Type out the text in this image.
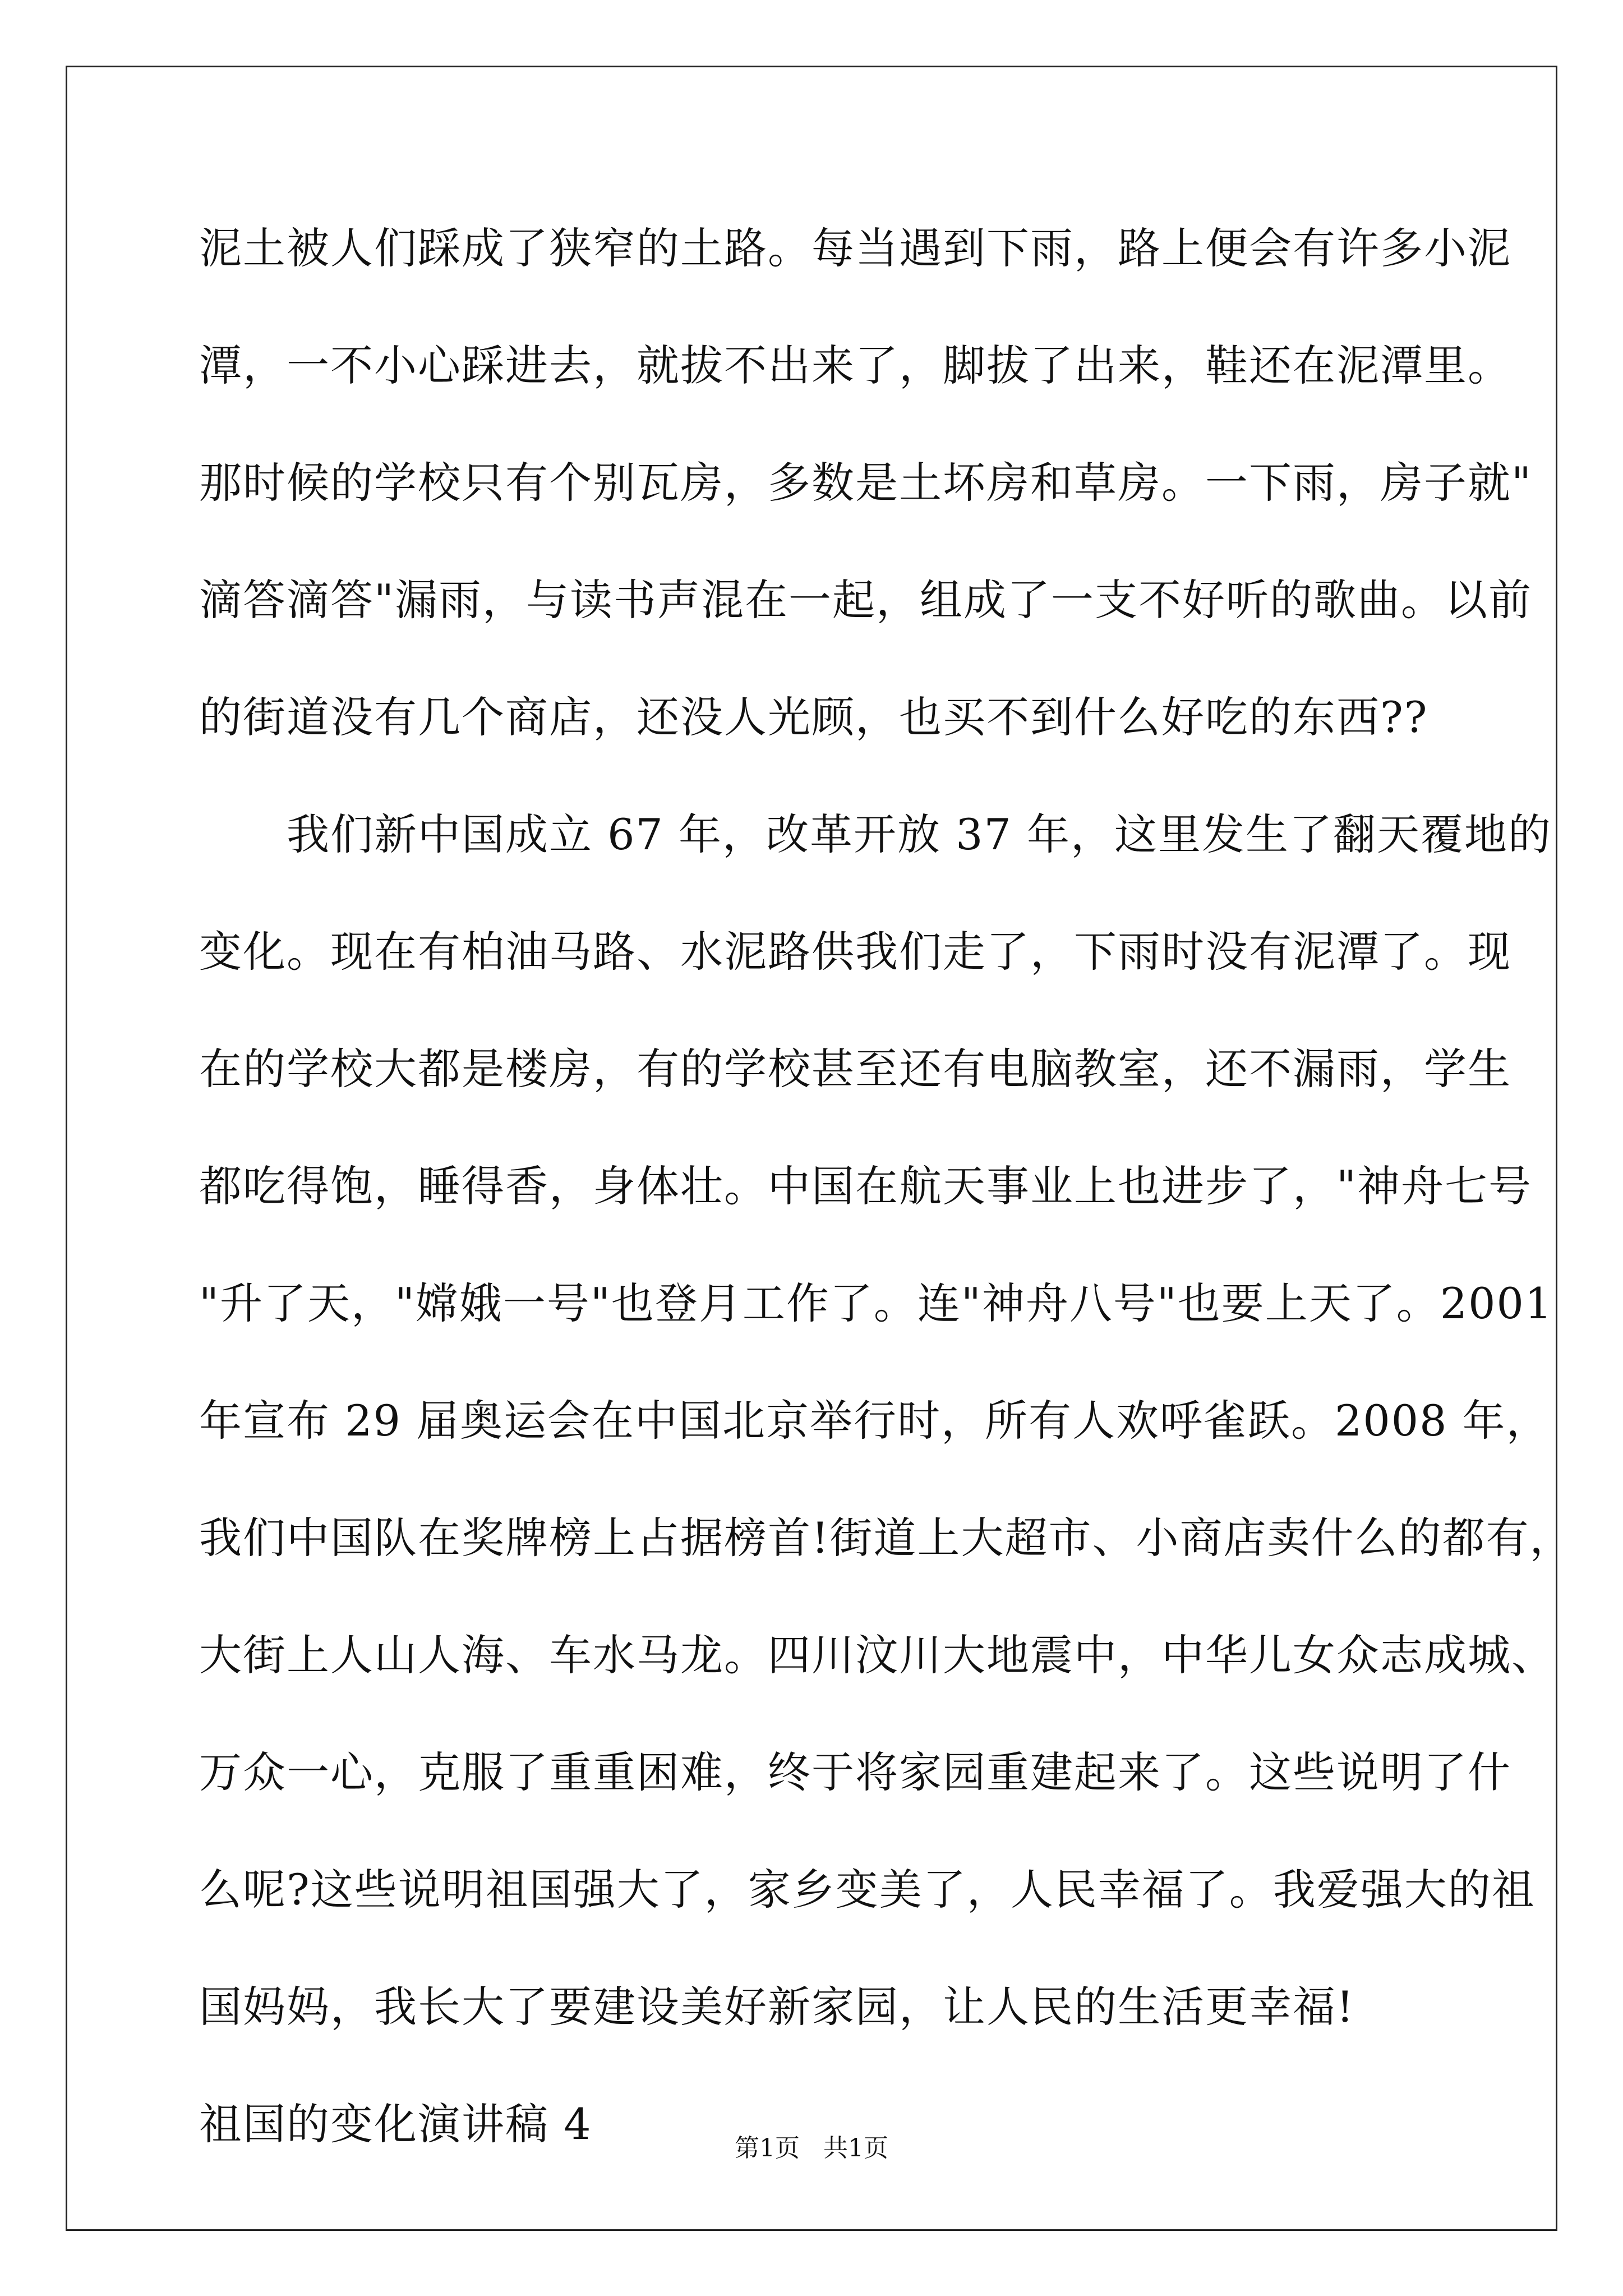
泥土被人们踩成了狭窄的土路。每当遇到下雨，路上便会有许多小泥
潭，一不小心踩进去，就拔不出来了，脚拔了出来，鞋还在泥潭里。
那时候的学校只有个别瓦房，多数是土坏房和草房。一下雨，房子就"
滴答滴答"漏雨，与读书声混在一起，组成了一支不好听的歌曲。以前
的街道没有几个商店，还没人光顾，也买不到什么好吃的东西??
　　我们新中国成立 67 年，改革开放 37 年，这里发生了翻天覆地的
变化。现在有柏油马路、水泥路供我们走了，下雨时没有泥潭了。现
在的学校大都是楼房，有的学校甚至还有电脑教室，还不漏雨，学生
都吃得饱，睡得香，身体壮。中国在航天事业上也进步了，"神舟七号
"升了天，"嫦娥一号"也登月工作了。连"神舟八号"也要上天了。2001
年宣布 29 届奥运会在中国北京举行时，所有人欢呼雀跃。2008 年，
我们中国队在奖牌榜上占据榜首!街道上大超市、小商店卖什么的都有，
大街上人山人海、车水马龙。四川汶川大地震中，中华儿女众志成城、
万众一心，克服了重重困难，终于将家园重建起来了。这些说明了什
么呢?这些说明祖国强大了，家乡变美了，人民幸福了。我爱强大的祖
国妈妈，我长大了要建设美好新家园，让人民的生活更幸福!
祖国的变化演讲稿 4	第1页   共1页
